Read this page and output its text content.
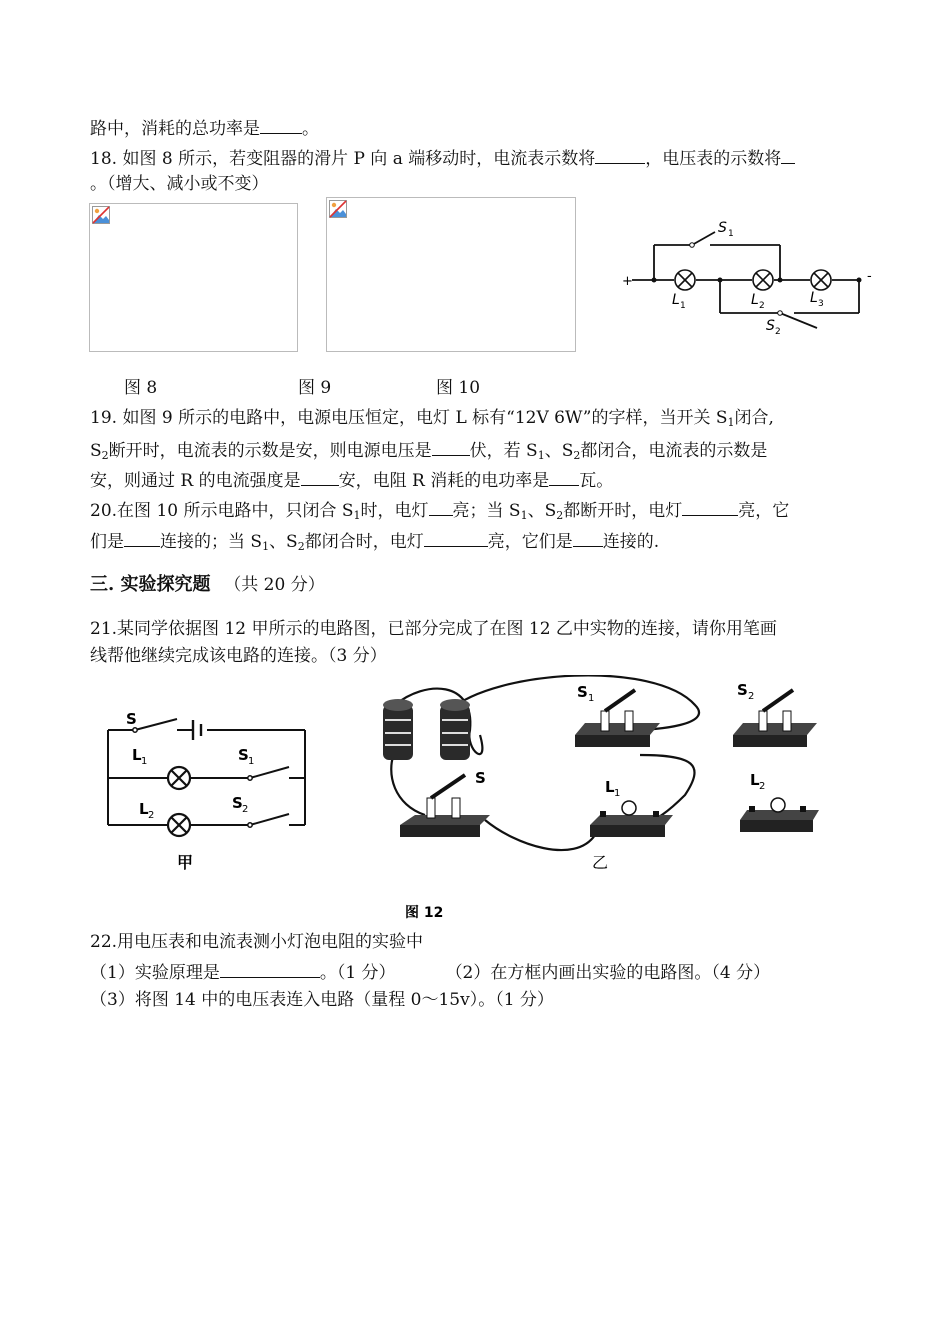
路中，消耗的总功率是 。
18. 如图 8 所示，若变阻器的滑片 P 向 a 端移动时，电流表示数将	，电压表的示数将
。（增大、减小或不变）
+	-
S 1
L 1	L 2	L 3
S 2
图 8	图 9	图 10
19. 如图 9 所示的电路中，电源电压恒定，电灯 L 标有“12V 6W”的字样，当开关 $S_1$闭合,
$S_2$断开时，电流表的示数是安，则电源电压是 伏，若 $S_1$、$S_2$都闭合，电流表的示数是
安，则通过 R 的电流强度是 安，电阻 R 消耗的电功率是 瓦。
20.在图 10 所示电路中，只闭合 $S_1$时，电灯 亮；当 $S_1$、$S_2$都断开时，电灯	亮，它
们是 连接的；当 $S_1$、$S_2$都闭合时，电灯	亮，它们是 连接的.
三. 实验探究题 （共 20 分）
21.某同学依据图 12 甲所示的电路图，已部分完成了在图 12 乙中实物的连接，请你用笔画
线帮他继续完成该电路的连接。（3 分）
S
L 1	S 1
L 2
S 2
甲
S
S 1
L 1
S 2
L 2
乙
图 12
22.用电压表和电流表测小灯泡电阻的实验中
（1）实验原理是	。（1 分）	（2）在方框内画出实验的电路图。（4 分）
（3）将图 14 中的电压表连入电路（量程 0～15v）。（1 分）
